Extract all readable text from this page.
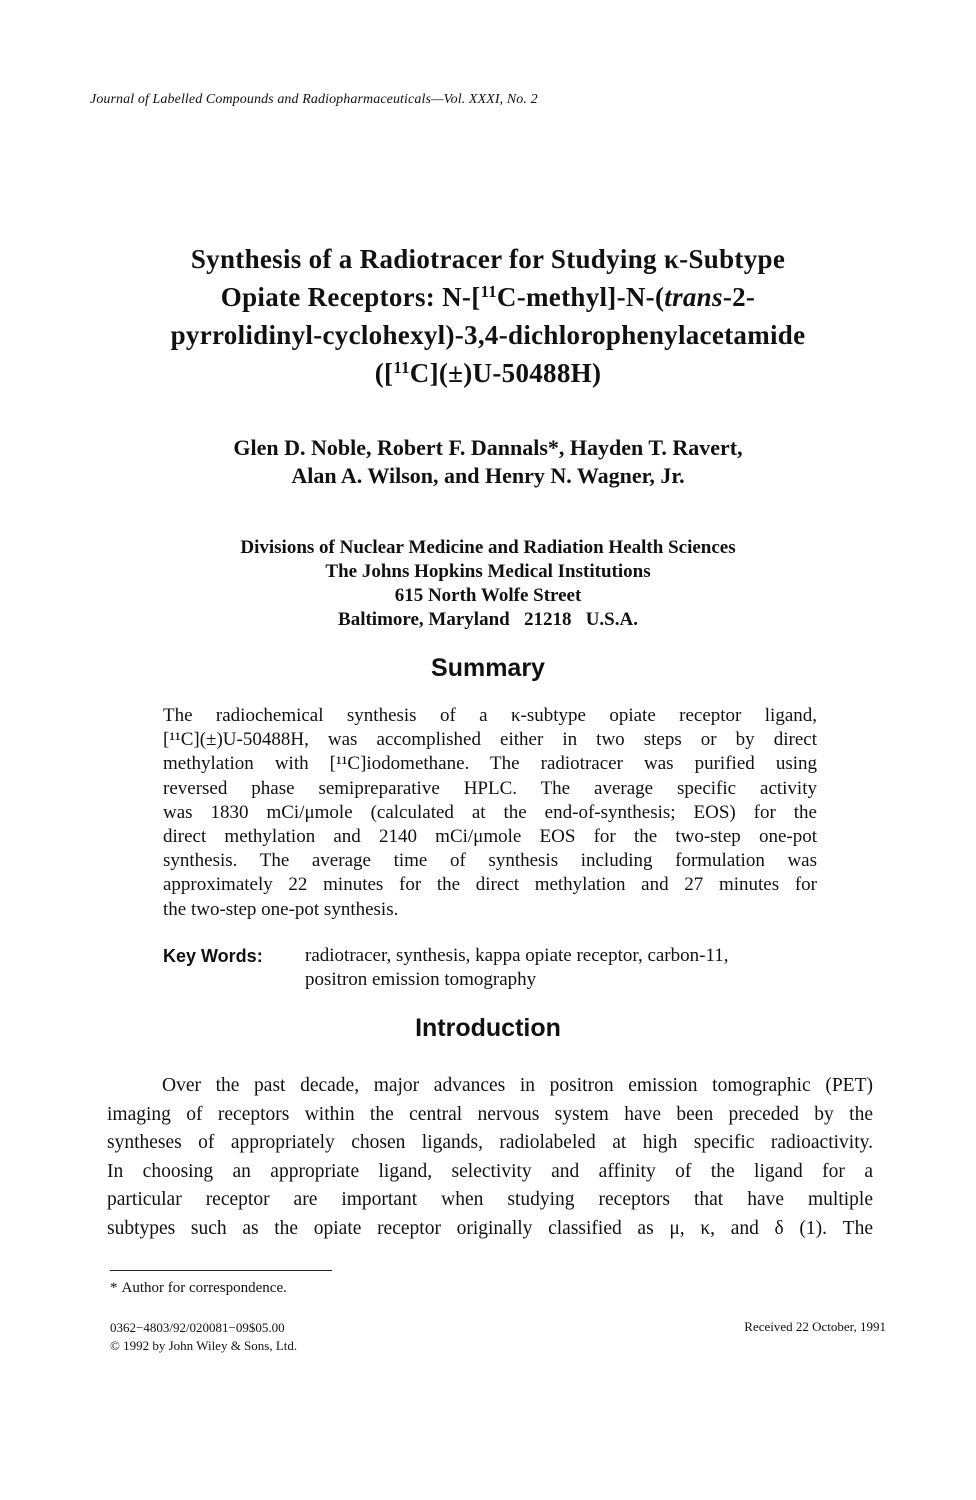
Journal of Labelled Compounds and Radiopharmaceuticals—Vol. XXXI, No. 2
Synthesis of a Radiotracer for Studying κ-Subtype
Opiate Receptors: N-[$^{11}$C-methyl]-N-(trans-2-
pyrrolidinyl-cyclohexyl)-3,4-dichlorophenylacetamide
([$^{11}$C](±)U-50488H)
Glen D. Noble, Robert F. Dannals*, Hayden T. Ravert,
Alan A. Wilson, and Henry N. Wagner, Jr.
Divisions of Nuclear Medicine and Radiation Health Sciences
The Johns Hopkins Medical Institutions
615 North Wolfe Street
Baltimore, Maryland   21218   U.S.A.
Summary
The radiochemical synthesis of a κ-subtype opiate receptor ligand,
[¹¹C](±)U-50488H, was accomplished either in two steps or by direct
methylation with [¹¹C]iodomethane. The radiotracer was purified using
reversed phase semipreparative HPLC. The average specific activity
was 1830 mCi/μmole (calculated at the end-of-synthesis; EOS) for the
direct methylation and 2140 mCi/μmole EOS for the two-step one-pot
synthesis. The average time of synthesis including formulation was
approximately 22 minutes for the direct methylation and 27 minutes for
the two-step one-pot synthesis.
Key Words: radiotracer, synthesis, kappa opiate receptor, carbon-11,
positron emission tomography
Introduction
Over the past decade, major advances in positron emission tomographic (PET)
imaging of receptors within the central nervous system have been preceded by the
syntheses of appropriately chosen ligands, radiolabeled at high specific radioactivity.
In choosing an appropriate ligand, selectivity and affinity of the ligand for a
particular receptor are important when studying receptors that have multiple
subtypes such as the opiate receptor originally classified as μ, κ, and δ (1). The
* Author for correspondence.
0362−4803/92/020081−09$05.00
© 1992 by John Wiley & Sons, Ltd.
Received 22 October, 1991
